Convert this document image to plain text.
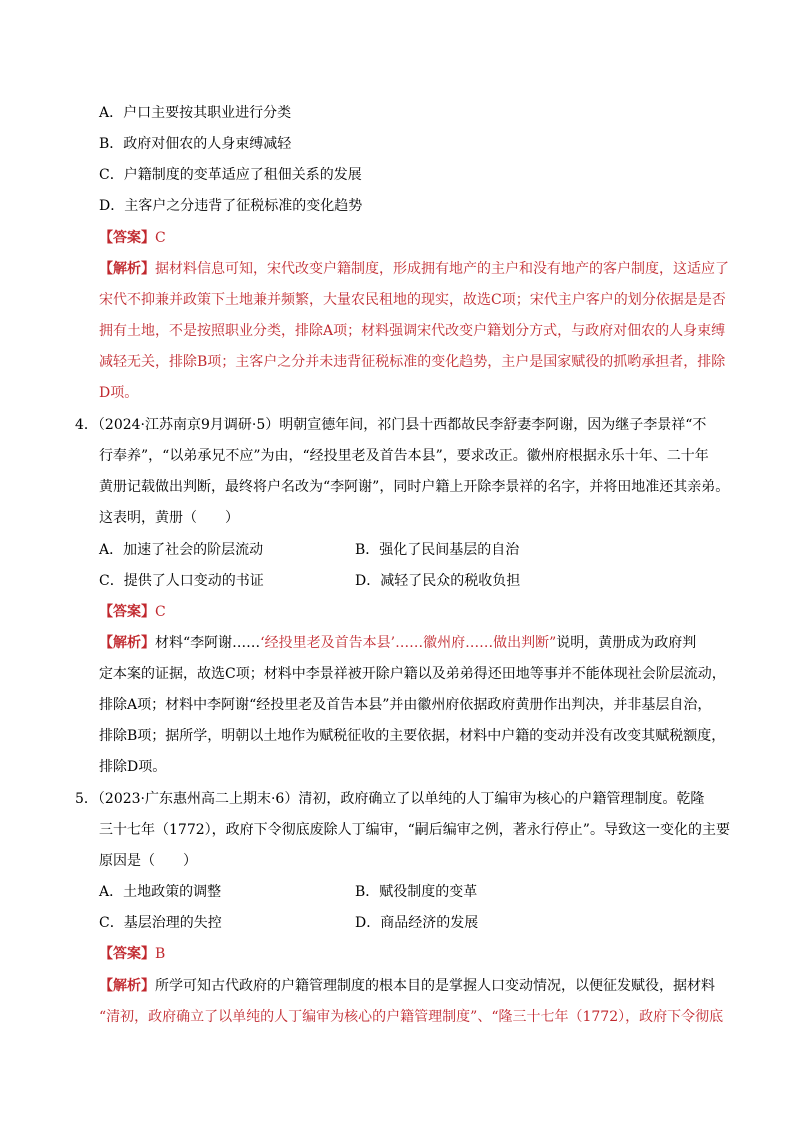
A．户口主要按其职业进行分类
B．政府对佃农的人身束缚减轻
C．户籍制度的变革适应了租佃关系的发展
D．主客户之分违背了征税标准的变化趋势
【答案】C
【解析】据材料信息可知，宋代改变户籍制度，形成拥有地产的主户和没有地产的客户制度，这适应了
宋代不抑兼并政策下土地兼并频繁，大量农民租地的现实，故选C项；宋代主户客户的划分依据是是否
拥有土地，不是按照职业分类，排除A项；材料强调宋代改变户籍划分方式，与政府对佃农的人身束缚
减轻无关，排除B项；主客户之分并未违背征税标准的变化趋势，主户是国家赋役的抓哟承担者，排除
D项。
4．（2024·江苏南京9月调研·5）明朝宣德年间，祁门县十西都故民李舒妻李阿谢，因为继子李景祥“不
行奉养”，“以弟承兄不应”为由，“经投里老及首告本县”，要求改正。徽州府根据永乐十年、二十年
黄册记载做出判断，最终将户名改为“李阿谢”，同时户籍上开除李景祥的名字，并将田地准还其亲弟。
这表明，黄册（　　）
A．加速了社会的阶层流动	B．强化了民间基层的自治
C．提供了人口变动的书证	D．减轻了民众的税收负担
【答案】C
【解析】材料“李阿谢……‘经投里老及首告本县’……徽州府……做出判断”说明，黄册成为政府判
定本案的证据，故选C项；材料中李景祥被开除户籍以及弟弟得还田地等事并不能体现社会阶层流动，
排除A项；材料中李阿谢“经投里老及首告本县”并由徽州府依据政府黄册作出判决，并非基层自治，
排除B项；据所学，明朝以土地作为赋税征收的主要依据，材料中户籍的变动并没有改变其赋税额度，
排除D项。
5．（2023·广东惠州高二上期末·6）清初，政府确立了以单纯的人丁编审为核心的户籍管理制度。乾隆
三十七年（1772），政府下令彻底废除人丁编审，“嗣后编审之例，著永行停止”。导致这一变化的主要
原因是（　　）
A．土地政策的调整	B．赋役制度的变革
C．基层治理的失控	D．商品经济的发展
【答案】B
【解析】所学可知古代政府的户籍管理制度的根本目的是掌握人口变动情况，以便征发赋役，据材料
“清初，政府确立了以单纯的人丁编审为核心的户籍管理制度”、“隆三十七年（1772），政府下令彻底
